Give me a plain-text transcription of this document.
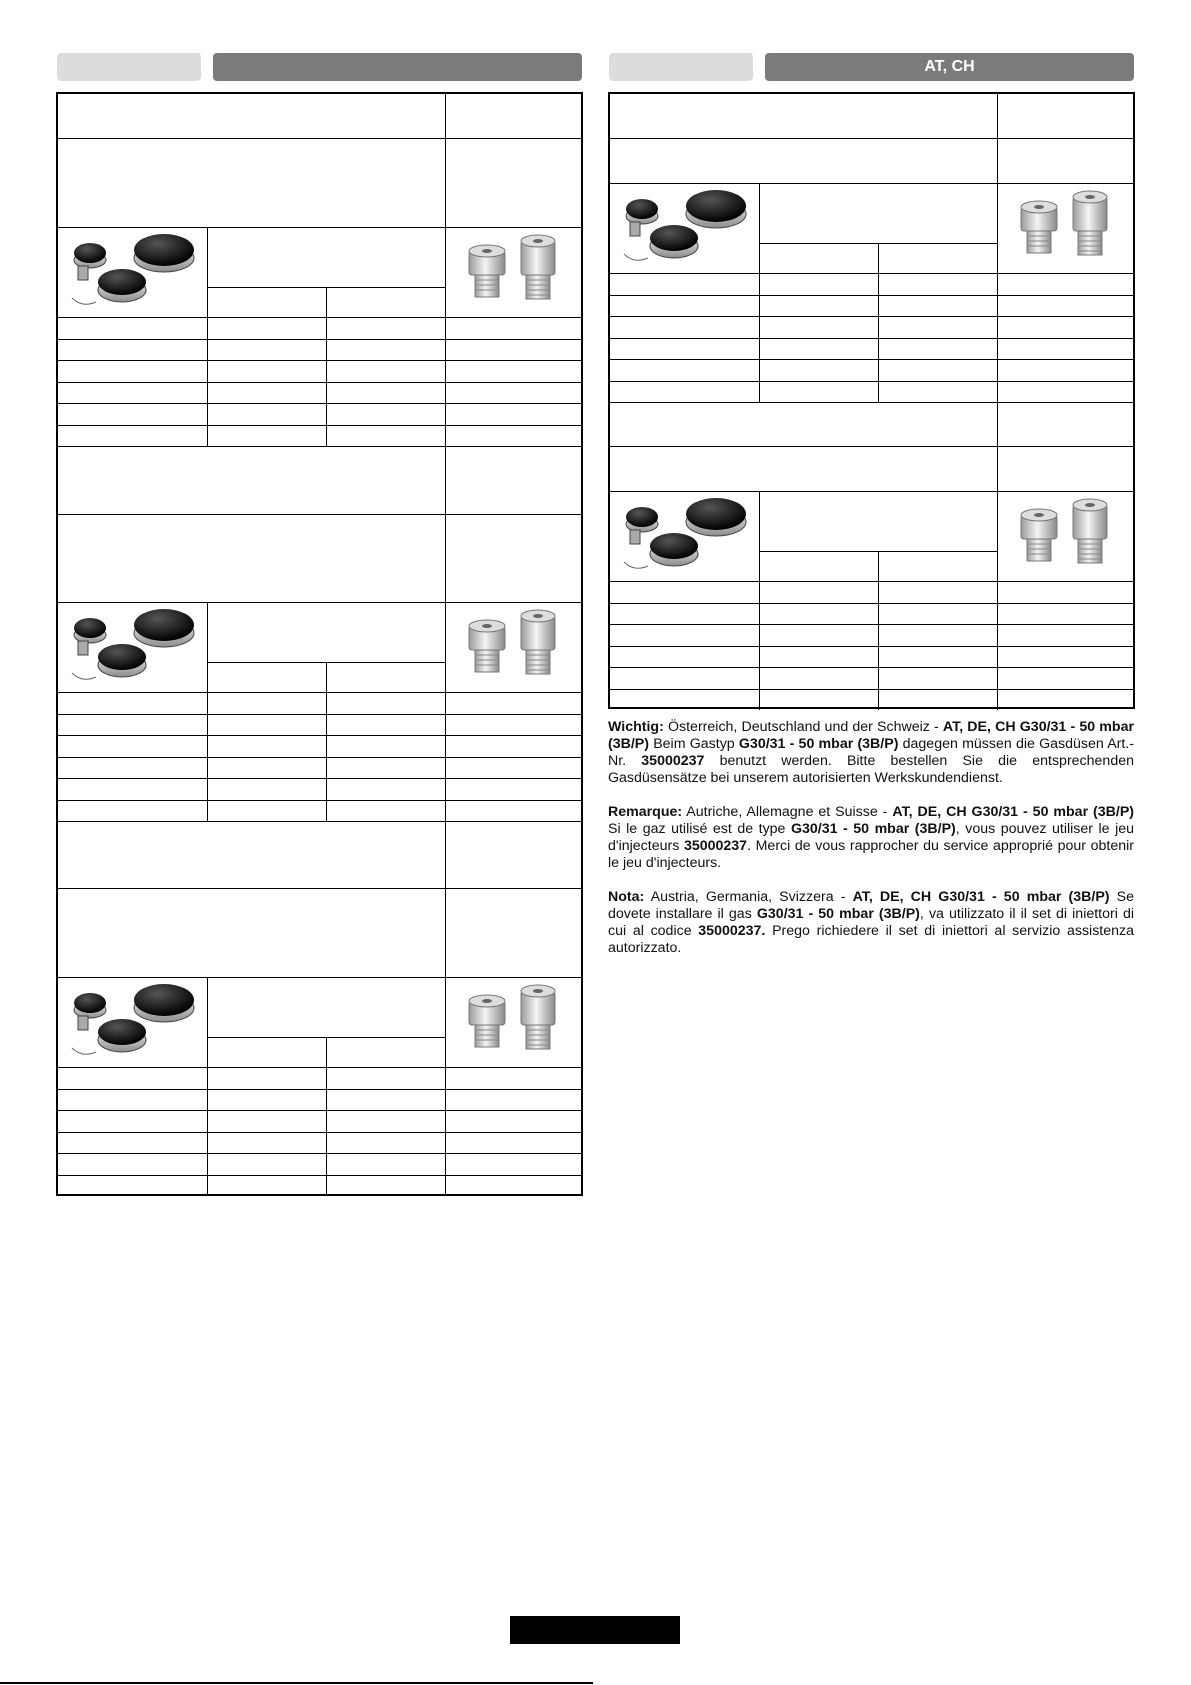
AT, CH

Wichtig: Österreich, Deutschland und der Schweiz - AT, DE, CH G30/31 - 50 mbar (3B/P) Beim Gastyp G30/31 - 50 mbar (3B/P) dagegen müssen die Gasdüsen Art.-Nr. 35000237 benutzt werden. Bitte bestellen Sie die entsprechenden Gasdüsensätze bei unserem autorisierten Werkskundendienst.

Remarque: Autriche, Allemagne et Suisse - AT, DE, CH G30/31 - 50 mbar (3B/P) Si le gaz utilisé est de type G30/31 - 50 mbar (3B/P), vous pouvez utiliser le jeu d'injecteurs 35000237. Merci de vous rapprocher du service approprié pour obtenir le jeu d'injecteurs.

Nota: Austria, Germania, Svizzera - AT, DE, CH G30/31 - 50 mbar (3B/P) Se dovete installare il gas G30/31 - 50 mbar (3B/P), va utilizzato il il set di iniettori di cui al codice 35000237. Prego richiedere il set di iniettori al servizio assistenza autorizzato.
